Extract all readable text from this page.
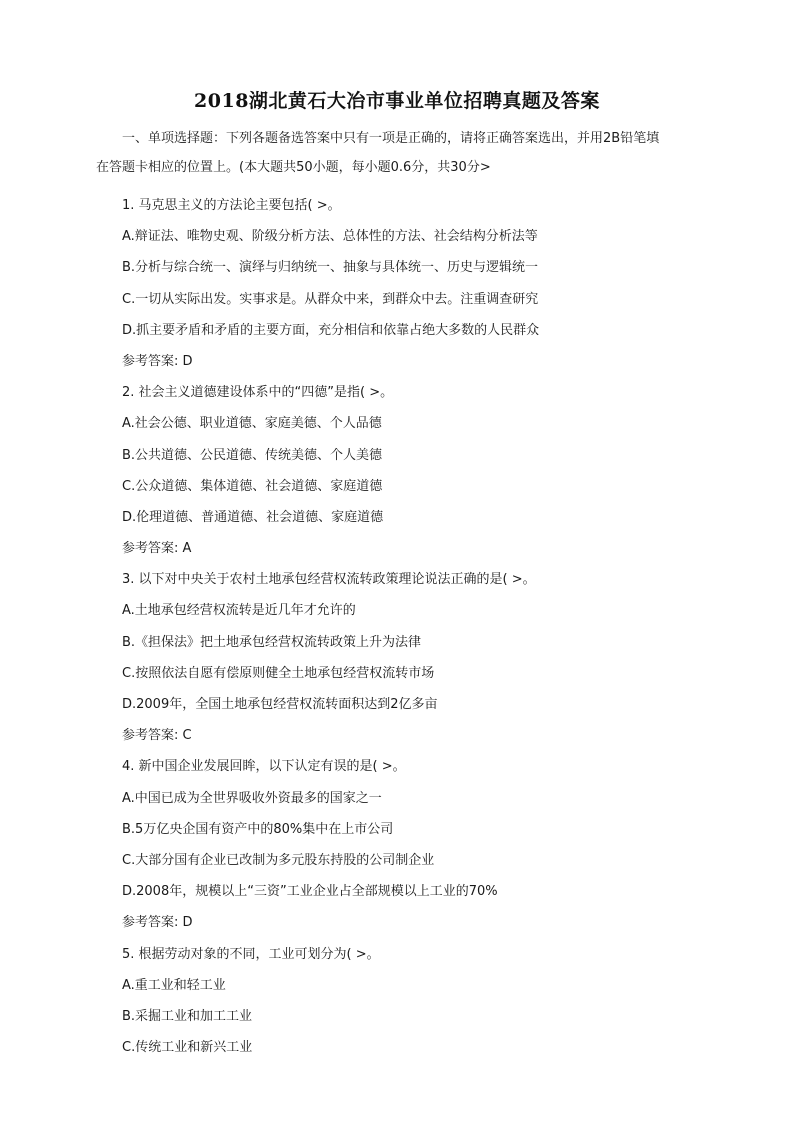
2018湖北黄石大冶市事业单位招聘真题及答案
一、单项选择题：下列各题备选答案中只有一项是正确的，请将正确答案选出，并用2B铅笔填
在答题卡相应的位置上。(本大题共50小题，每小题0.6分，共30分>
1. 马克思主义的方法论主要包括( >。
A.辩证法、唯物史观、阶级分析方法、总体性的方法、社会结构分析法等
B.分析与综合统一、演绎与归纳统一、抽象与具体统一、历史与逻辑统一
C.一切从实际出发。实事求是。从群众中来，到群众中去。注重调查研究
D.抓主要矛盾和矛盾的主要方面，充分相信和依靠占绝大多数的人民群众
参考答案: D
2. 社会主义道德建设体系中的“四德”是指( >。
A.社会公德、职业道德、家庭美德、个人品德
B.公共道德、公民道德、传统美德、个人美德
C.公众道德、集体道德、社会道德、家庭道德
D.伦理道德、普通道德、社会道德、家庭道德
参考答案: A
3. 以下对中央关于农村土地承包经营权流转政策理论说法正确的是( >。
A.土地承包经营权流转是近几年才允许的
B.《担保法》把土地承包经营权流转政策上升为法律
C.按照依法自愿有偿原则健全土地承包经营权流转市场
D.2009年，全国土地承包经营权流转面积达到2亿多亩
参考答案: C
4. 新中国企业发展回眸，以下认定有误的是( >。
A.中国已成为全世界吸收外资最多的国家之一
B.5万亿央企国有资产中的80%集中在上市公司
C.大部分国有企业已改制为多元股东持股的公司制企业
D.2008年，规模以上“三资”工业企业占全部规模以上工业的70%
参考答案: D
5. 根据劳动对象的不同，工业可划分为( >。
A.重工业和轻工业
B.采掘工业和加工工业
C.传统工业和新兴工业
